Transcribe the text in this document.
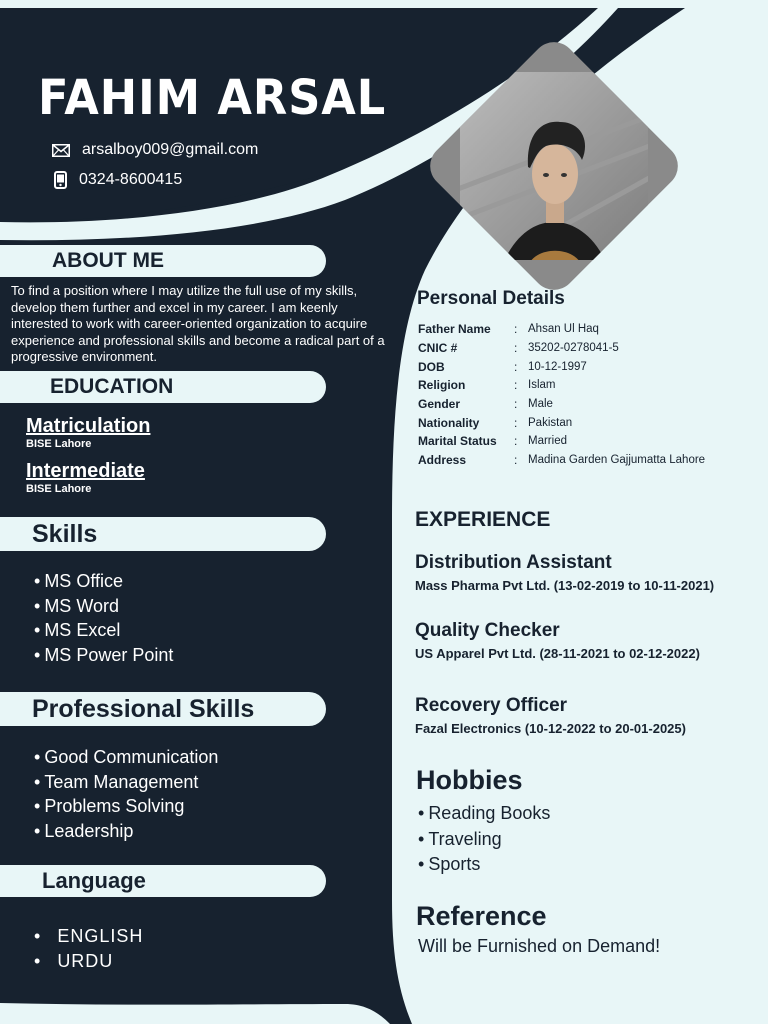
FAHIM ARSAL
arsalboy009@gmail.com
0324-8600415
ABOUT ME

To find a position where I may utilize the full use of my skills, develop them further and excel in my career. I am keenly interested to work with career-oriented organization to acquire experience and professional skills and become a radical part of a progressive environment.

EDUCATION
Matriculation
BISE Lahore
Intermediate
BISE Lahore
Skills
• MS Office
• MS Word
• MS Excel
• MS Power Point
Professional Skills
• Good Communication
• Team Management
• Problems Solving
• Leadership
Language
• ENGLISH
• URDU
Personal Details
Father Name	:	Ahsan Ul Haq
CNIC #	:	35202-0278041-5
DOB	:	10-12-1997
Religion	:	Islam
Gender	:	Male
Nationality	:	Pakistan
Marital Status	:	Married
Address	:	Madina Garden Gajjumatta Lahore
EXPERIENCE
Distribution Assistant
Mass Pharma Pvt Ltd. (13-02-2019 to 10-11-2021)
Quality Checker
US Apparel Pvt Ltd. (28-11-2021 to 02-12-2022)
Recovery Officer
Fazal Electronics (10-12-2022 to 20-01-2025)
Hobbies
• Reading Books
• Traveling
• Sports
Reference

Will be Furnished on Demand!
